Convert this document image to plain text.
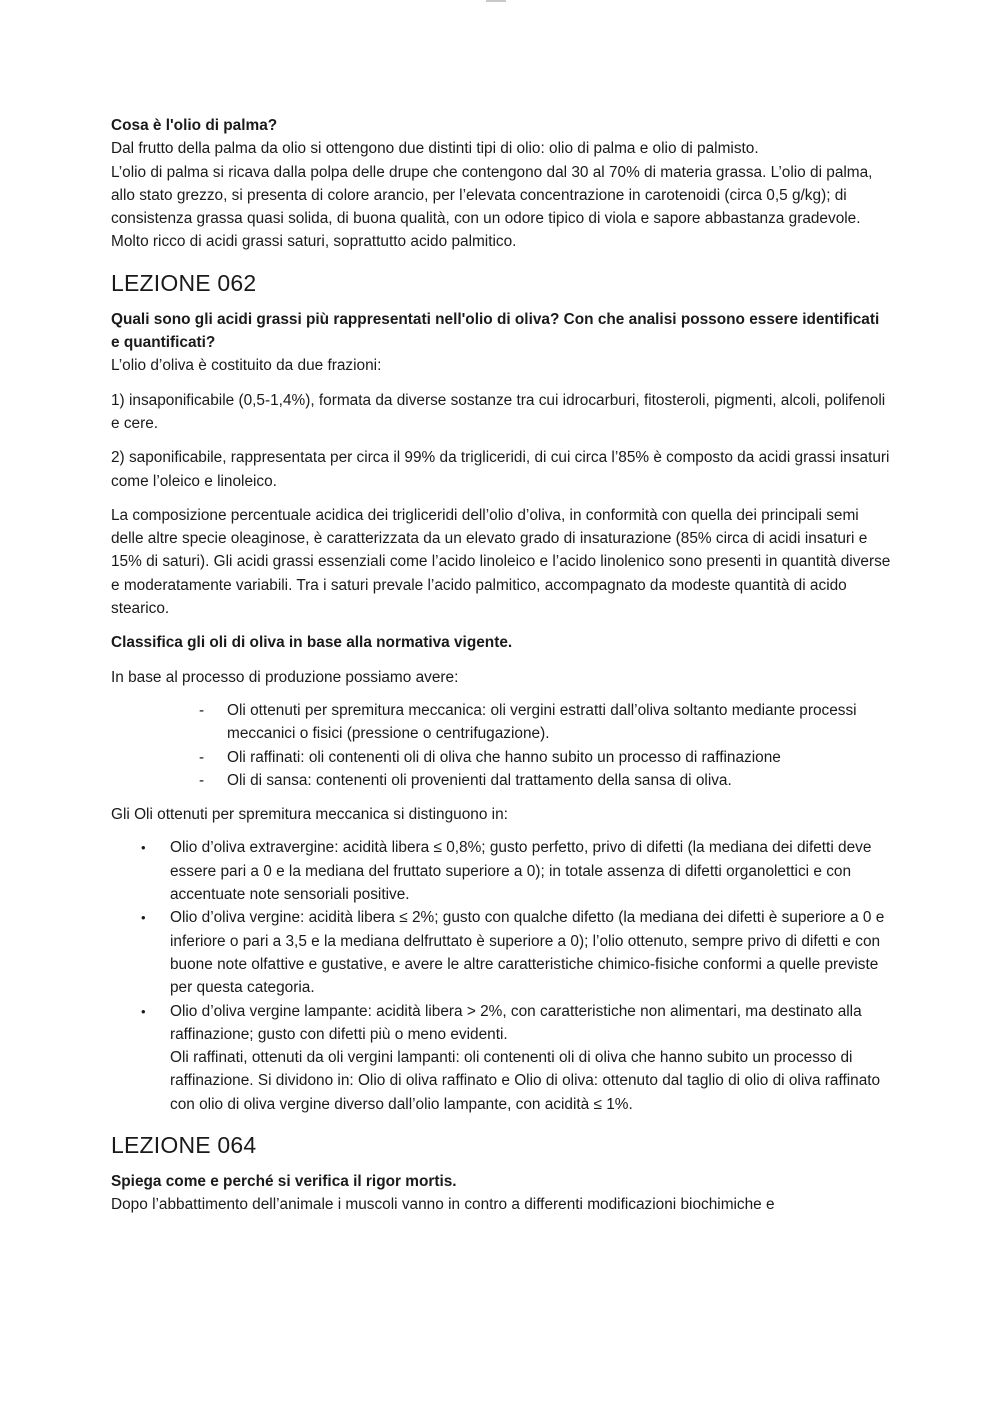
Cosa è l'olio di palma?

Dal frutto della palma da olio si ottengono due distinti tipi di olio: olio di palma e olio di palmisto.

L’olio di palma si ricava dalla polpa delle drupe che contengono dal 30 al 70% di materia grassa. L’olio di palma, allo stato grezzo, si presenta di colore arancio, per l’elevata concentrazione in carotenoidi (circa 0,5 g/kg); di consistenza grassa quasi solida, di buona qualità, con un odore tipico di viola e sapore abbastanza gradevole. Molto ricco di acidi grassi saturi, soprattutto acido palmitico.

LEZIONE 062

Quali sono gli acidi grassi più rappresentati nell'olio di oliva? Con che analisi possono essere identificati e quantificati?

L’olio d’oliva è costituito da due frazioni:

1) insaponificabile (0,5-1,4%), formata da diverse sostanze tra cui idrocarburi, fitosteroli, pigmenti, alcoli, polifenoli e cere.

2) saponificabile, rappresentata per circa il 99% da trigliceridi, di cui circa l’85% è composto da acidi grassi insaturi come l’oleico e linoleico.

La composizione percentuale acidica dei trigliceridi dell’olio d’oliva, in conformità con quella dei principali semi delle altre specie oleaginose, è caratterizzata da un elevato grado di insaturazione (85% circa di acidi insaturi e 15% di saturi). Gli acidi grassi essenziali come l’acido linoleico e l’acido linolenico sono presenti in quantità diverse e moderatamente variabili. Tra i saturi prevale l’acido palmitico, accompagnato da modeste quantità di acido stearico.

Classifica gli oli di oliva in base alla normativa vigente.

In base al processo di produzione possiamo avere:

- Oli ottenuti per spremitura meccanica: oli vergini estratti dall’oliva soltanto mediante processi meccanici o fisici (pressione o centrifugazione).
- Oli raffinati: oli contenenti oli di oliva che hanno subito un processo di raffinazione
- Oli di sansa: contenenti oli provenienti dal trattamento della sansa di oliva.

Gli Oli ottenuti per spremitura meccanica si distinguono in:

• Olio d’oliva extravergine: acidità libera ≤ 0,8%; gusto perfetto, privo di difetti (la mediana dei difetti deve essere pari a 0 e la mediana del fruttato superiore a 0); in totale assenza di difetti organolettici e con accentuate note sensoriali positive.
• Olio d’oliva vergine: acidità libera ≤ 2%; gusto con qualche difetto (la mediana dei difetti è superiore a 0 e inferiore o pari a 3,5 e la mediana delfruttato è superiore a 0); l’olio ottenuto, sempre privo di difetti e con buone note olfattive e gustative, e avere le altre caratteristiche chimico-fisiche conformi a quelle previste per questa categoria.
• Olio d’oliva vergine lampante: acidità libera > 2%, con caratteristiche non alimentari, ma destinato alla raffinazione; gusto con difetti più o meno evidenti.
Oli raffinati, ottenuti da oli vergini lampanti: oli contenenti oli di oliva che hanno subito un processo di raffinazione. Si dividono in: Olio di oliva raffinato e Olio di oliva: ottenuto dal taglio di olio di oliva raffinato con olio di oliva vergine diverso dall’olio lampante, con acidità ≤ 1%.
LEZIONE 064

Spiega come e perché si verifica il rigor mortis.

Dopo l’abbattimento dell’animale i muscoli vanno in contro a differenti modificazioni biochimiche e
